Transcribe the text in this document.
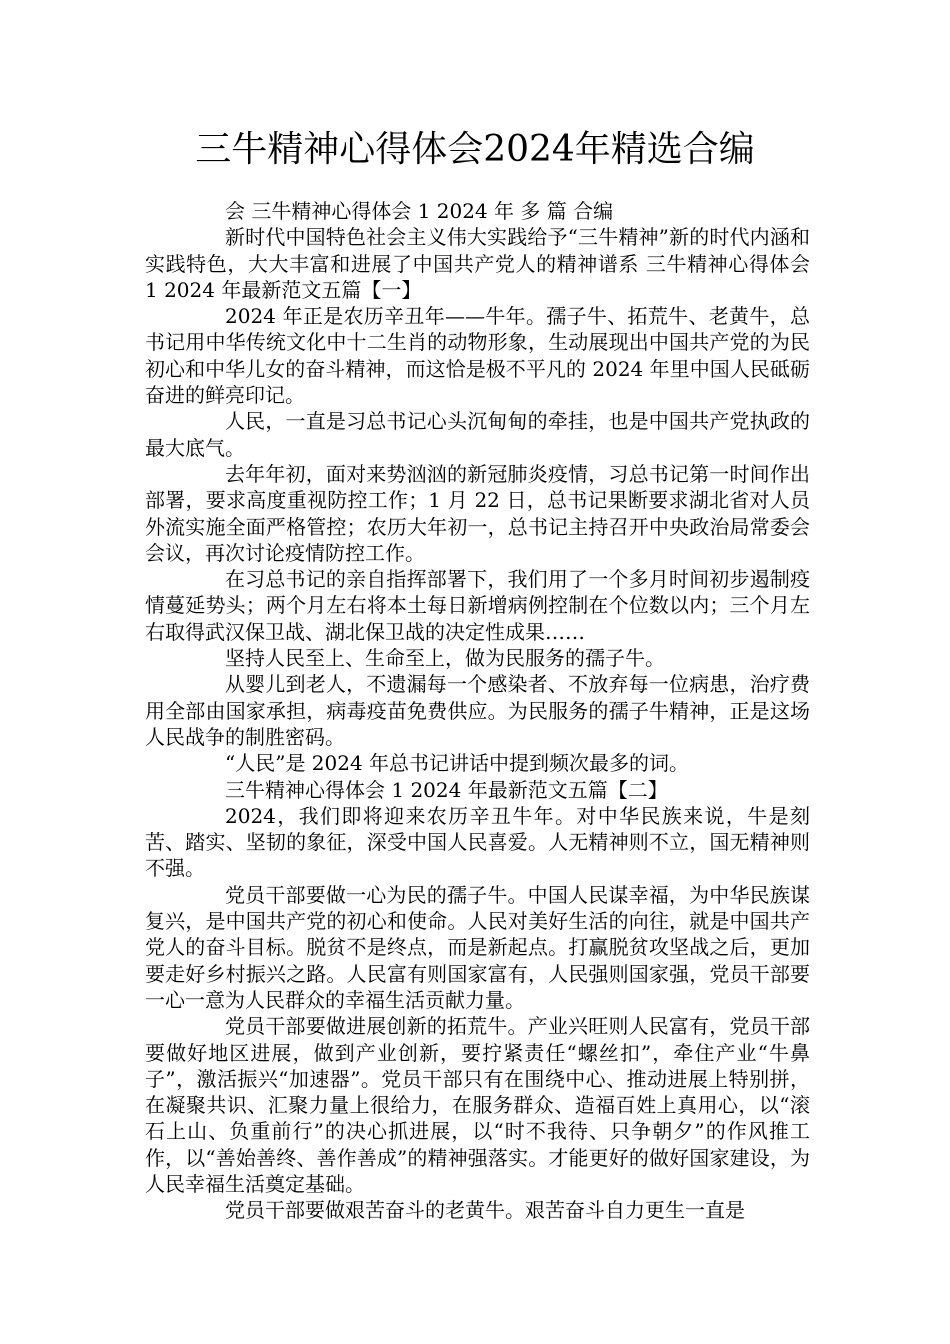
三牛精神心得体会2024年精选合编

会 三牛精神心得体会 1 2024 年 多 篇 合编

新时代中国特色社会主义伟大实践给予“三牛精神”新的时代内涵和实践特色，大大丰富和进展了中国共产党人的精神谱系 三牛精神心得体会 1 2024 年最新范文五篇【一】

2024 年正是农历辛丑年——牛年。孺子牛、拓荒牛、老黄牛，总书记用中华传统文化中十二生肖的动物形象，生动展现出中国共产党的为民初心和中华儿女的奋斗精神，而这恰是极不平凡的 2024 年里中国人民砥砺奋进的鲜亮印记。

人民，一直是习总书记心头沉甸甸的牵挂，也是中国共产党执政的最大底气。

去年年初，面对来势汹汹的新冠肺炎疫情，习总书记第一时间作出部署，要求高度重视防控工作；1 月 22 日，总书记果断要求湖北省对人员外流实施全面严格管控；农历大年初一，总书记主持召开中央政治局常委会会议，再次讨论疫情防控工作。

在习总书记的亲自指挥部署下，我们用了一个多月时间初步遏制疫情蔓延势头；两个月左右将本土每日新增病例控制在个位数以内；三个月左右取得武汉保卫战、湖北保卫战的决定性成果……

坚持人民至上、生命至上，做为民服务的孺子牛。

从婴儿到老人，不遗漏每一个感染者、不放弃每一位病患，治疗费用全部由国家承担，病毒疫苗免费供应。为民服务的孺子牛精神，正是这场人民战争的制胜密码。

“人民”是 2024 年总书记讲话中提到频次最多的词。

三牛精神心得体会 1 2024 年最新范文五篇【二】

2024，我们即将迎来农历辛丑牛年。对中华民族来说，牛是刻苦、踏实、坚韧的象征，深受中国人民喜爱。人无精神则不立，国无精神则不强。

党员干部要做一心为民的孺子牛。中国人民谋幸福，为中华民族谋复兴，是中国共产党的初心和使命。人民对美好生活的向往，就是中国共产党人的奋斗目标。脱贫不是终点，而是新起点。打赢脱贫攻坚战之后，更加要走好乡村振兴之路。人民富有则国家富有，人民强则国家强，党员干部要一心一意为人民群众的幸福生活贡献力量。

党员干部要做进展创新的拓荒牛。产业兴旺则人民富有，党员干部要做好地区进展，做到产业创新，要拧紧责任“螺丝扣”，牵住产业“牛鼻子”，激活振兴“加速器”。党员干部只有在围绕中心、推动进展上特别拼，在凝聚共识、汇聚力量上很给力，在服务群众、造福百姓上真用心，以“滚石上山、负重前行”的决心抓进展，以“时不我待、只争朝夕”的作风推工作，以“善始善终、善作善成”的精神强落实。才能更好的做好国家建设，为人民幸福生活奠定基础。

党员干部要做艰苦奋斗的老黄牛。艰苦奋斗自力更生一直是
